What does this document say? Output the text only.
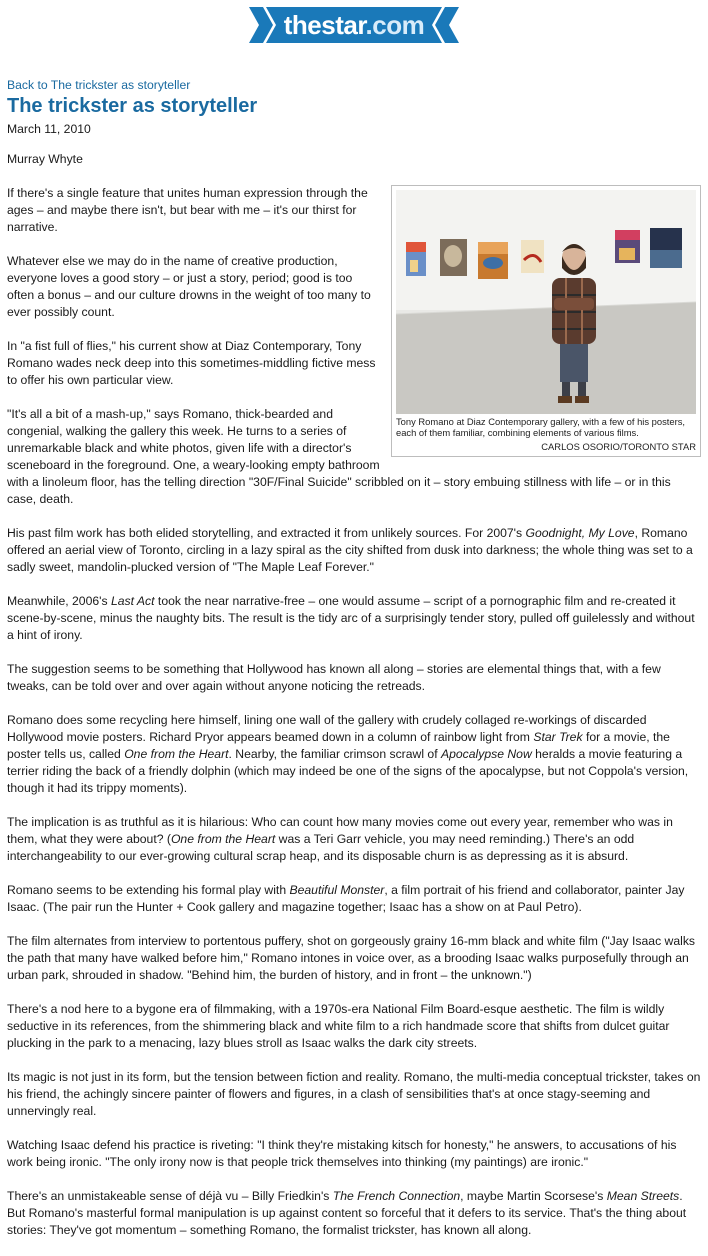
thestar.com
Back to The trickster as storyteller
The trickster as storyteller
March 11, 2010
Murray Whyte
Tony Romano at Diaz Contemporary gallery, with a few of his posters, each of them familiar, combining elements of various films.
CARLOS OSORIO/TORONTO STAR

If there's a single feature that unites human expression through the ages – and maybe there isn't, but bear with me – it's our thirst for narrative.

Whatever else we may do in the name of creative production, everyone loves a good story – or just a story, period; good is too often a bonus – and our culture drowns in the weight of too many to ever possibly count.

In "a fist full of flies," his current show at Diaz Contemporary, Tony Romano wades neck deep into this sometimes-middling fictive mess to offer his own particular view.

"It's all a bit of a mash-up," says Romano, thick-bearded and congenial, walking the gallery this week. He turns to a series of unremarkable black and white photos, given life with a director's sceneboard in the foreground. One, a weary-looking empty bathroom with a linoleum floor, has the telling direction "30F/Final Suicide" scribbled on it – story embuing stillness with life – or in this case, death.

His past film work has both elided storytelling, and extracted it from unlikely sources. For 2007's Goodnight, My Love, Romano offered an aerial view of Toronto, circling in a lazy spiral as the city shifted from dusk into darkness; the whole thing was set to a sadly sweet, mandolin-plucked version of "The Maple Leaf Forever."

Meanwhile, 2006's Last Act took the near narrative-free – one would assume – script of a pornographic film and re-created it scene-by-scene, minus the naughty bits. The result is the tidy arc of a surprisingly tender story, pulled off guilelessly and without a hint of irony.

The suggestion seems to be something that Hollywood has known all along – stories are elemental things that, with a few tweaks, can be told over and over again without anyone noticing the retreads.

Romano does some recycling here himself, lining one wall of the gallery with crudely collaged re-workings of discarded Hollywood movie posters. Richard Pryor appears beamed down in a column of rainbow light from Star Trek for a movie, the poster tells us, called One from the Heart. Nearby, the familiar crimson scrawl of Apocalypse Now heralds a movie featuring a terrier riding the back of a friendly dolphin (which may indeed be one of the signs of the apocalypse, but not Coppola's version, though it had its trippy moments).

The implication is as truthful as it is hilarious: Who can count how many movies come out every year, remember who was in them, what they were about? (One from the Heart was a Teri Garr vehicle, you may need reminding.) There's an odd interchangeability to our ever-growing cultural scrap heap, and its disposable churn is as depressing as it is absurd.

Romano seems to be extending his formal play with Beautiful Monster, a film portrait of his friend and collaborator, painter Jay Isaac. (The pair run the Hunter + Cook gallery and magazine together; Isaac has a show on at Paul Petro).

The film alternates from interview to portentous puffery, shot on gorgeously grainy 16-mm black and white film ("Jay Isaac walks the path that many have walked before him," Romano intones in voice over, as a brooding Isaac walks purposefully through an urban park, shrouded in shadow. "Behind him, the burden of history, and in front – the unknown.")

There's a nod here to a bygone era of filmmaking, with a 1970s-era National Film Board-esque aesthetic. The film is wildly seductive in its references, from the shimmering black and white film to a rich handmade score that shifts from dulcet guitar plucking in the park to a menacing, lazy blues stroll as Isaac walks the dark city streets.

Its magic is not just in its form, but the tension between fiction and reality. Romano, the multi-media conceptual trickster, takes on his friend, the achingly sincere painter of flowers and figures, in a clash of sensibilities that's at once stagy-seeming and unnervingly real.

Watching Isaac defend his practice is riveting: "I think they're mistaking kitsch for honesty," he answers, to accusations of his work being ironic. "The only irony now is that people trick themselves into thinking (my paintings) are ironic."

There's an unmistakeable sense of déjà vu – Billy Friedkin's The French Connection, maybe Martin Scorsese's Mean Streets. But Romano's masterful formal manipulation is up against content so forceful that it defers to its service. That's the thing about stories: They've got momentum – something Romano, the formalist trickster, has known all along.
